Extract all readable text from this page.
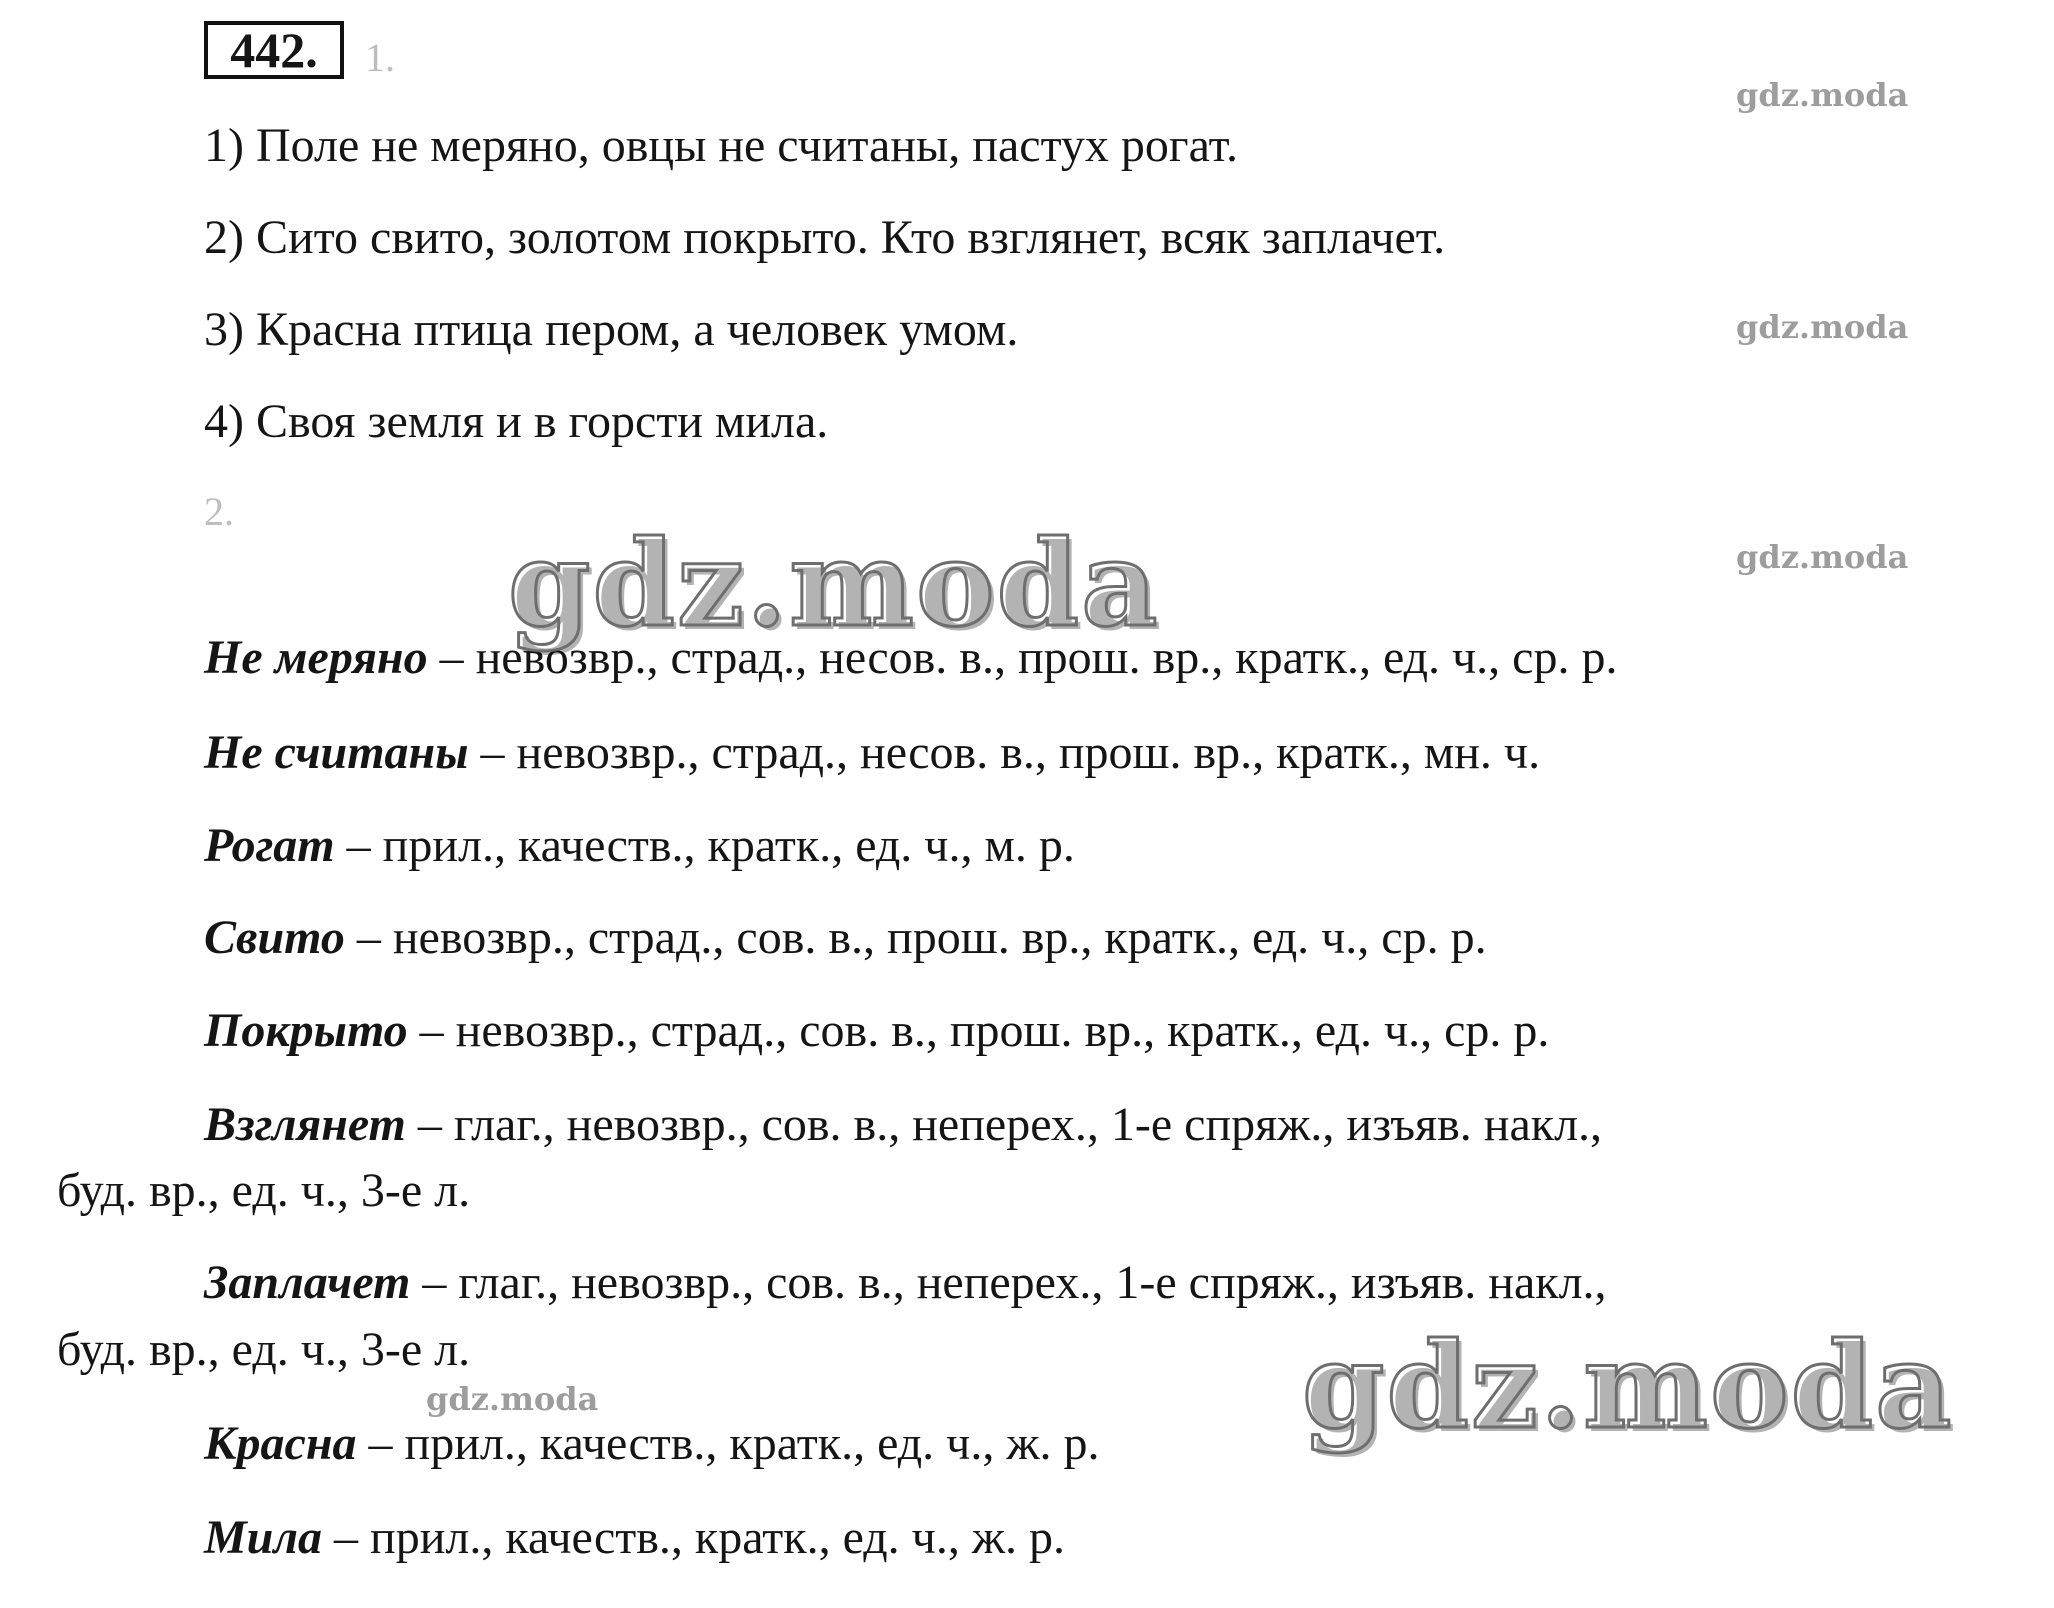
442.	1.
1) Поле не меряно, овцы не считаны, пастух рогат.
2) Сито свито, золотом покрыто. Кто взглянет, всяк заплачет.
3) Красна птица пером, а человек умом.
4) Своя земля и в горсти мила.
2.
Не меряно – невозвр., страд., несов. в., прош. вр., кратк., ед. ч., ср. р.
Не считаны – невозвр., страд., несов. в., прош. вр., кратк., мн. ч.
Рогат – прил., качеств., кратк., ед. ч., м. р.
Свито – невозвр., страд., сов. в., прош. вр., кратк., ед. ч., ср. р.
Покрыто – невозвр., страд., сов. в., прош. вр., кратк., ед. ч., ср. р.
Взглянет – глаг., невозвр., сов. в., неперех., 1-е спряж., изъяв. накл.,
буд. вр., ед. ч., 3-е л.
Заплачет – глаг., невозвр., сов. в., неперех., 1-е спряж., изъяв. накл.,
буд. вр., ед. ч., 3-е л.
Красна – прил., качеств., кратк., ед. ч., ж. р.
Мила – прил., качеств., кратк., ед. ч., ж. р.
gdz.moda
gdz.moda
gdz.moda
gdz.moda
gdz.moda
gdz.moda
